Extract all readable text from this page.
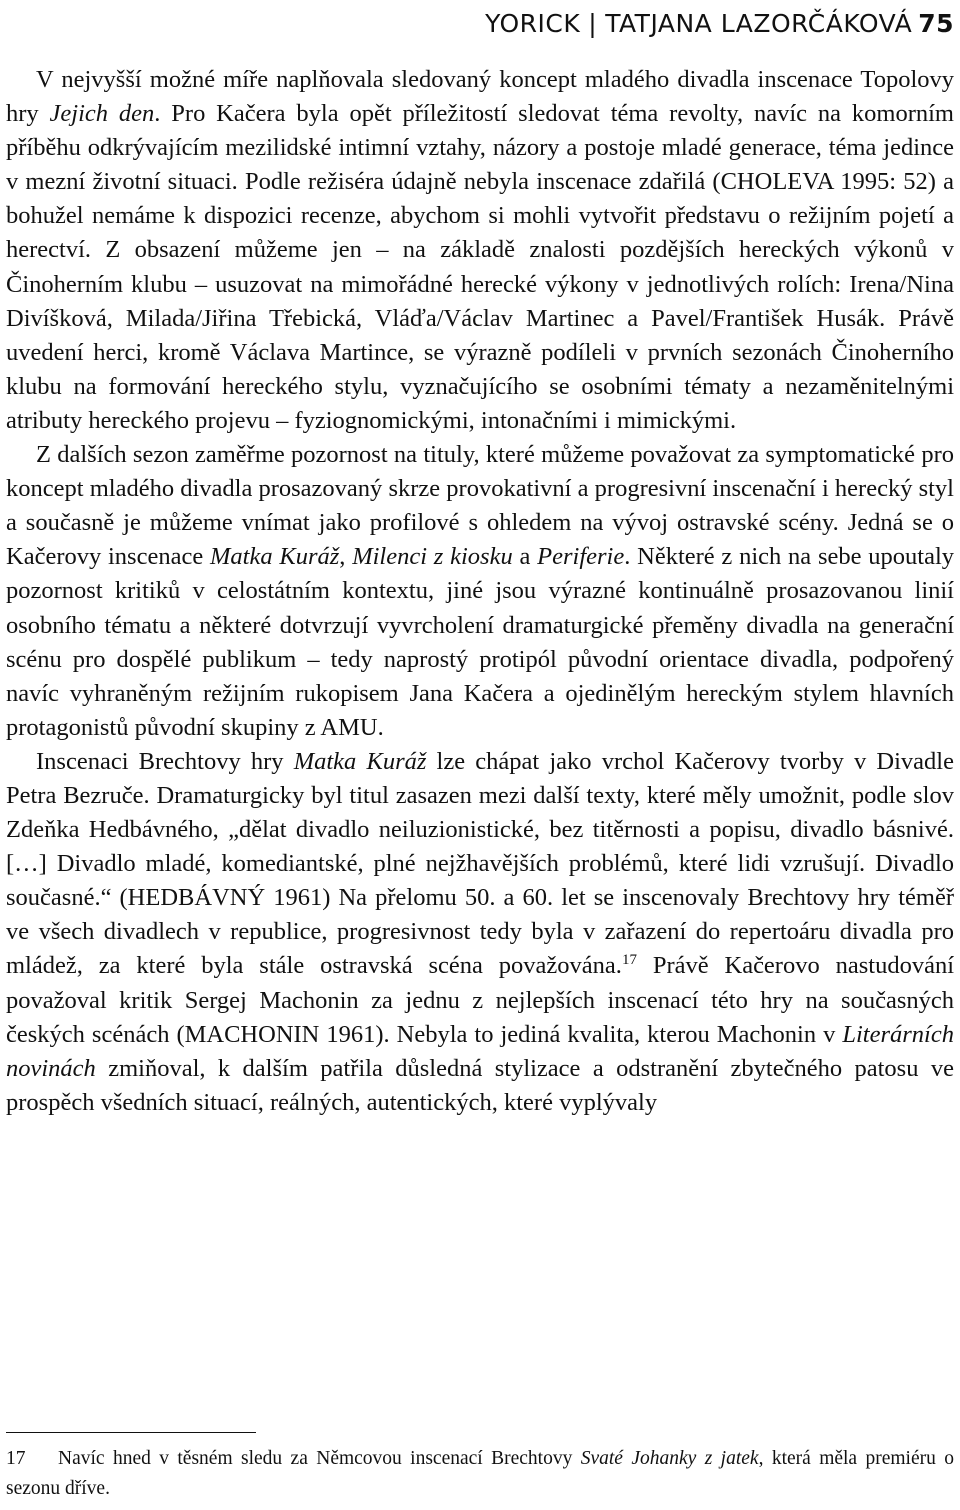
YORICK | TATJANA LAZORČÁKOVÁ 75

V nejvyšší možné míře naplňovala sledovaný koncept mladého divadla inscenace Topolovy hry Jejich den. Pro Kačera byla opět příležitostí sledovat téma revolty, navíc na komorním příběhu odkrývajícím mezilidské intimní vztahy, názory a postoje mladé generace, téma jedince v mezní životní situaci. Podle režiséra údajně nebyla inscenace zdařilá (CHOLEVA 1995: 52) a bohužel nemáme k dispozici recenze, abychom si mohli vytvořit představu o režijním pojetí a herectví. Z obsazení můžeme jen – na základě znalosti pozdějších hereckých výkonů v Činoherním klubu – usuzovat na mimořádné herecké výkony v jednotlivých rolích: Irena/Nina Divíšková, Milada/Jiřina Třebická, Vláďa/Václav Martinec a Pavel/František Husák. Právě uvedení herci, kromě Václava Martince, se výrazně podíleli v prvních sezonách Činoherního klubu na formování hereckého stylu, vyznačujícího se osobními tématy a nezaměnitelnými atributy hereckého projevu – fyziognomickými, intonačními i mimickými.

Z dalších sezon zaměřme pozornost na tituly, které můžeme považovat za symptomatické pro koncept mladého divadla prosazovaný skrze provokativní a progresivní inscenační i herecký styl a současně je můžeme vnímat jako profilové s ohledem na vývoj ostravské scény. Jedná se o Kačerovy inscenace Matka Kuráž, Milenci z kiosku a Periferie. Některé z nich na sebe upoutaly pozornost kritiků v celostátním kontextu, jiné jsou výrazné kontinuálně prosazovanou linií osobního tématu a některé dotvrzují vyvrcholení dramaturgické přeměny divadla na generační scénu pro dospělé publikum – tedy naprostý protipól původní orientace divadla, podpořený navíc vyhraněným režijním rukopisem Jana Kačera a ojedinělým hereckým stylem hlavních protagonistů původní skupiny z AMU.

Inscenaci Brechtovy hry Matka Kuráž lze chápat jako vrchol Kačerovy tvorby v Divadle Petra Bezruče. Dramaturgicky byl titul zasazen mezi další texty, které měly umožnit, podle slov Zdeňka Hedbávného, „dělat divadlo neiluzionistické, bez titěrnosti a popisu, divadlo básnivé. […] Divadlo mladé, komediantské, plné nejžhavějších problémů, které lidi vzrušují. Divadlo současné.“ (HEDBÁVNÝ 1961) Na přelomu 50. a 60. let se inscenovaly Brechtovy hry téměř ve všech divadlech v republice, progresivnost tedy byla v zařazení do repertoáru divadla pro mládež, za které byla stále ostravská scéna považována.$^{17}$ Právě Kačerovo nastudování považoval kritik Sergej Machonin za jednu z nejlepších inscenací této hry na současných českých scénách (MACHONIN 1961). Nebyla to jediná kvalita, kterou Machonin v Literárních novinách zmiňoval, k dalším patřila důsledná stylizace a odstranění zbytečného patosu ve prospěch všedních situací, reálných, autentických, které vyplývaly

17 Navíc hned v těsném sledu za Němcovou inscenací Brechtovy Svaté Johanky z jatek, která měla premiéru o sezonu dříve.
